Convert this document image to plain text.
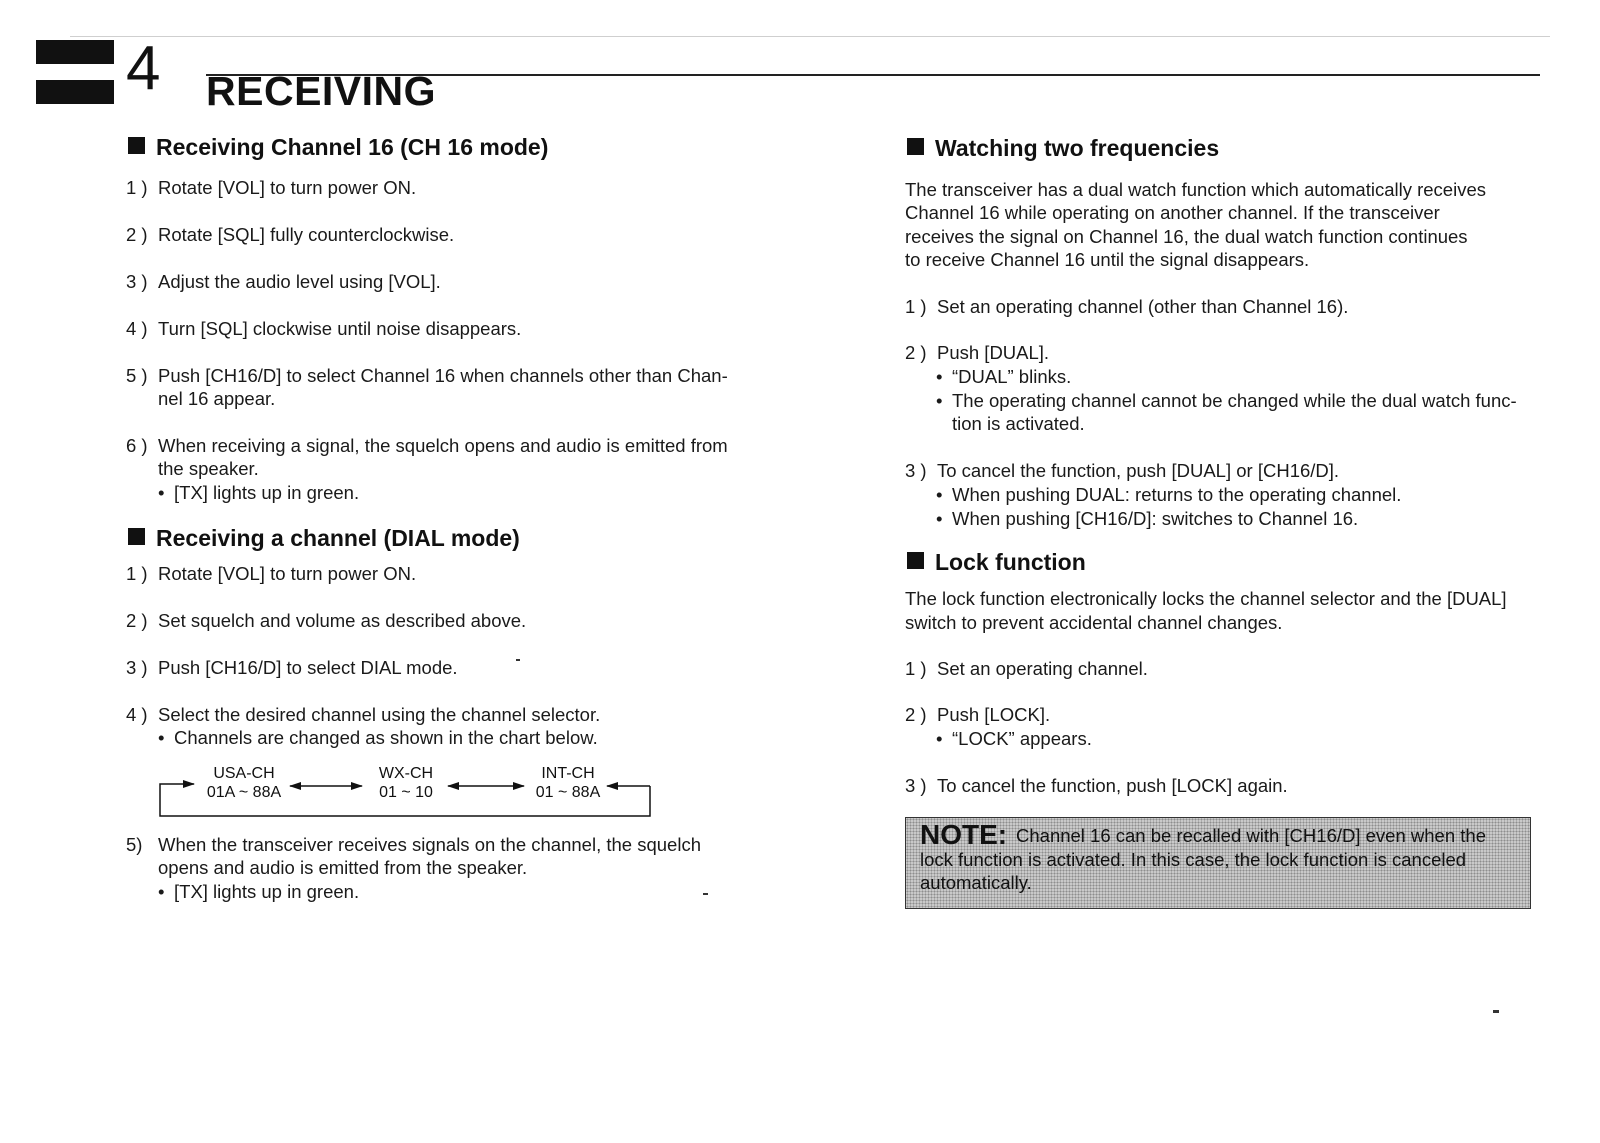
4 RECEIVING
Receiving Channel 16 (CH 16 mode)
1 ) Rotate [VOL] to turn power ON.
2 ) Rotate [SQL] fully counterclockwise.
3 ) Adjust the audio level using [VOL].
4 ) Turn [SQL] clockwise until noise disappears.
5 ) Push [CH16/D] to select Channel 16 when channels other than Chan-
nel 16 appear.
6 ) When receiving a signal, the squelch opens and audio is emitted from
the speaker.
• [TX] lights up in green.
Receiving a channel (DIAL mode)
1 ) Rotate [VOL] to turn power ON.
2 ) Set squelch and volume as described above.
3 ) Push [CH16/D] to select DIAL mode.
4 ) Select the desired channel using the channel selector.
• Channels are changed as shown in the chart below.
USA-CH
01A ~ 88A
WX-CH
01 ~ 10
INT-CH
01 ~ 88A
5) When the transceiver receives signals on the channel, the squelch
opens and audio is emitted from the speaker.
• [TX] lights up in green.
Watching two frequencies
The transceiver has a dual watch function which automatically receives
Channel 16 while operating on another channel. If the transceiver
receives the signal on Channel 16, the dual watch function continues
to receive Channel 16 until the signal disappears.
1 ) Set an operating channel (other than Channel 16).
2 ) Push [DUAL].
• “DUAL” blinks.
• The operating channel cannot be changed while the dual watch func-
tion is activated.
3 ) To cancel the function, push [DUAL] or [CH16/D].
• When pushing DUAL: returns to the operating channel.
• When pushing [CH16/D]: switches to Channel 16.
Lock function
The lock function electronically locks the channel selector and the [DUAL]
switch to prevent accidental channel changes.
1 ) Set an operating channel.
2 ) Push [LOCK].
• “LOCK” appears.
3 ) To cancel the function, push [LOCK] again.
NOTE: Channel 16 can be recalled with [CH16/D] even when the lock function is activated. In this case, the lock function is canceled automatically.
